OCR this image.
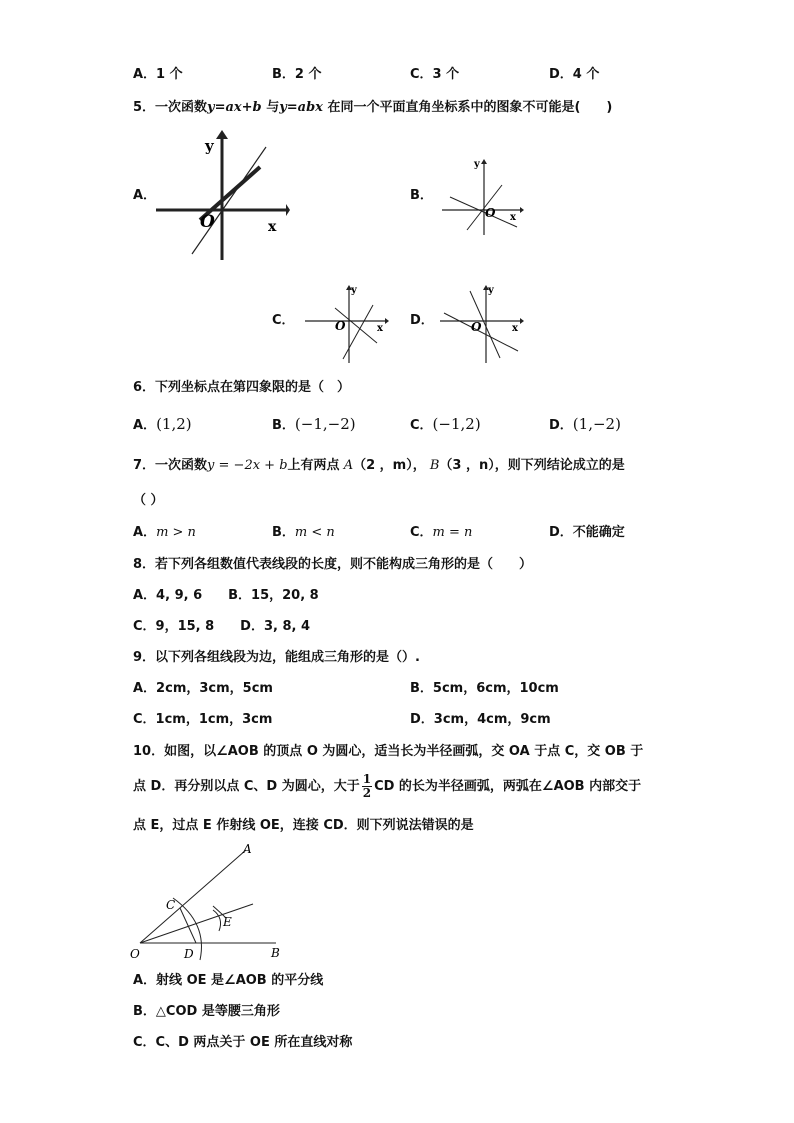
A．1 个	B．2 个	C．3 个	D．4 个
5．一次函数y=ax+b 与y=abx 在同一个平面直角坐标系中的图象不可能是(　　)
A．
y
x
O
B．
y
x
O
C．
y
x
O	D．
y
x
O
6．下列坐标点在第四象限的是（　）
A．(1,2)	B．(−1,−2)	C．(−1,2)	D．(1,−2)
7．一次函数y = −2x + b上有两点 A（2 ，m）， B（3 ，n），则下列结论成立的是
（ ）
A．m > n	B．m < n	C．m = n	D．不能确定
8．若下列各组数值代表线段的长度，则不能构成三角形的是（　　）
A．4, 9, 6　　B．15，20, 8
C．9，15, 8　　D．3, 8, 4
9．以下列各组线段为边，能组成三角形的是（）.
A．2cm，3cm，5cm	B．5cm，6cm，10cm
C．1cm，1cm，3cm	D．3cm，4cm，9cm
10．如图，以∠AOB 的顶点 O 为圆心，适当长为半径画弧，交 OA 于点 C，交 OB 于
点 D．再分别以点 C、D 为圆心，大于 $\frac{1}{2}$ CD 的长为半径画弧，两弧在∠AOB 内部交于
点 E，过点 E 作射线 OE，连接 CD．则下列说法错误的是
A
C
E
O	D	B
A．射线 OE 是∠AOB 的平分线
B．△COD 是等腰三角形
C．C、D 两点关于 OE 所在直线对称
